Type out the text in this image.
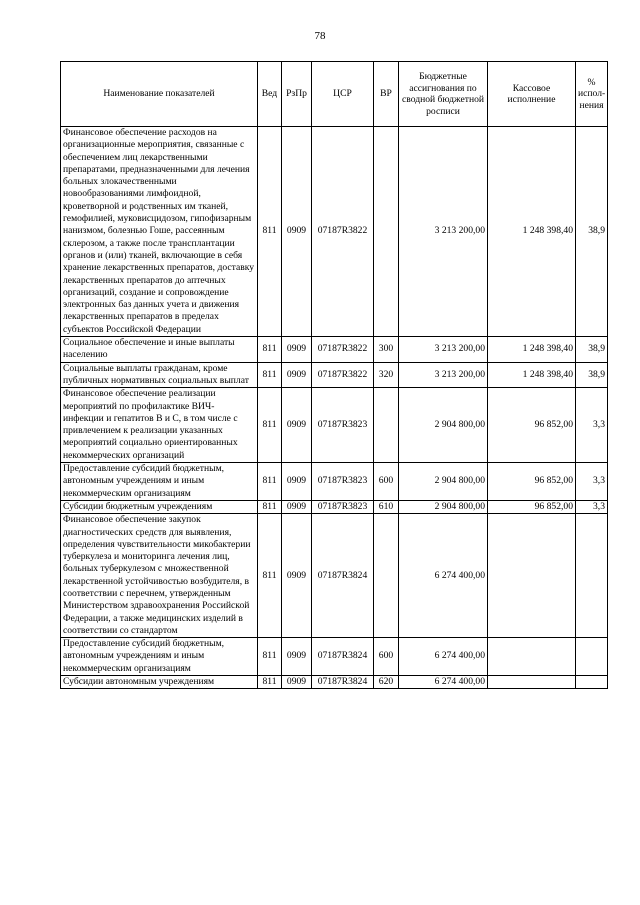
78
Наименование показателей	Вед	РзПр	ЦСР	ВР	Бюджетные ассигнования по сводной бюджетной росписи	Кассовое исполнение	% испол-нения
Финансовое обеспечение расходов на организационные мероприятия, связанные с обеспечением лиц лекарственными препаратами, предназначенными для лечения больных злокачественными новообразованиями лимфоидной, кроветворной и родственных им тканей, гемофилией, муковисцидозом, гипофизарным нанизмом, болезнью Гоше, рассеянным склерозом, а также после трансплантации органов и (или) тканей, включающие в себя хранение лекарственных препаратов, доставку лекарственных препаратов до аптечных организаций, создание и сопровождение электронных баз данных учета и движения лекарственных препаратов в пределах субъектов Российской Федерации	811	0909	07187R3822		3 213 200,00	1 248 398,40	38,9
Социальное обеспечение и иные выплаты населению	811	0909	07187R3822	300	3 213 200,00	1 248 398,40	38,9
Социальные выплаты гражданам, кроме публичных нормативных социальных выплат	811	0909	07187R3822	320	3 213 200,00	1 248 398,40	38,9
Финансовое обеспечение реализации мероприятий по профилактике ВИЧ-инфекции и гепатитов B и C, в том числе с привлечением к реализации указанных мероприятий социально ориентированных некоммерческих организаций	811	0909	07187R3823		2 904 800,00	96 852,00	3,3
Предоставление субсидий бюджетным, автономным учреждениям и иным некоммерческим организациям	811	0909	07187R3823	600	2 904 800,00	96 852,00	3,3
Субсидии бюджетным учреждениям	811	0909	07187R3823	610	2 904 800,00	96 852,00	3,3
Финансовое обеспечение закупок диагностических средств для выявления, определения чувствительности микобактерии туберкулеза и мониторинга лечения лиц, больных туберкулезом с множественной лекарственной устойчивостью возбудителя, в соответствии с перечнем, утвержденным Министерством здравоохранения Российской Федерации, а также медицинских изделий в соответствии со стандартом	811	0909	07187R3824		6 274 400,00		
Предоставление субсидий бюджетным, автономным учреждениям и иным некоммерческим организациям	811	0909	07187R3824	600	6 274 400,00		
Субсидии автономным учреждениям	811	0909	07187R3824	620	6 274 400,00		
